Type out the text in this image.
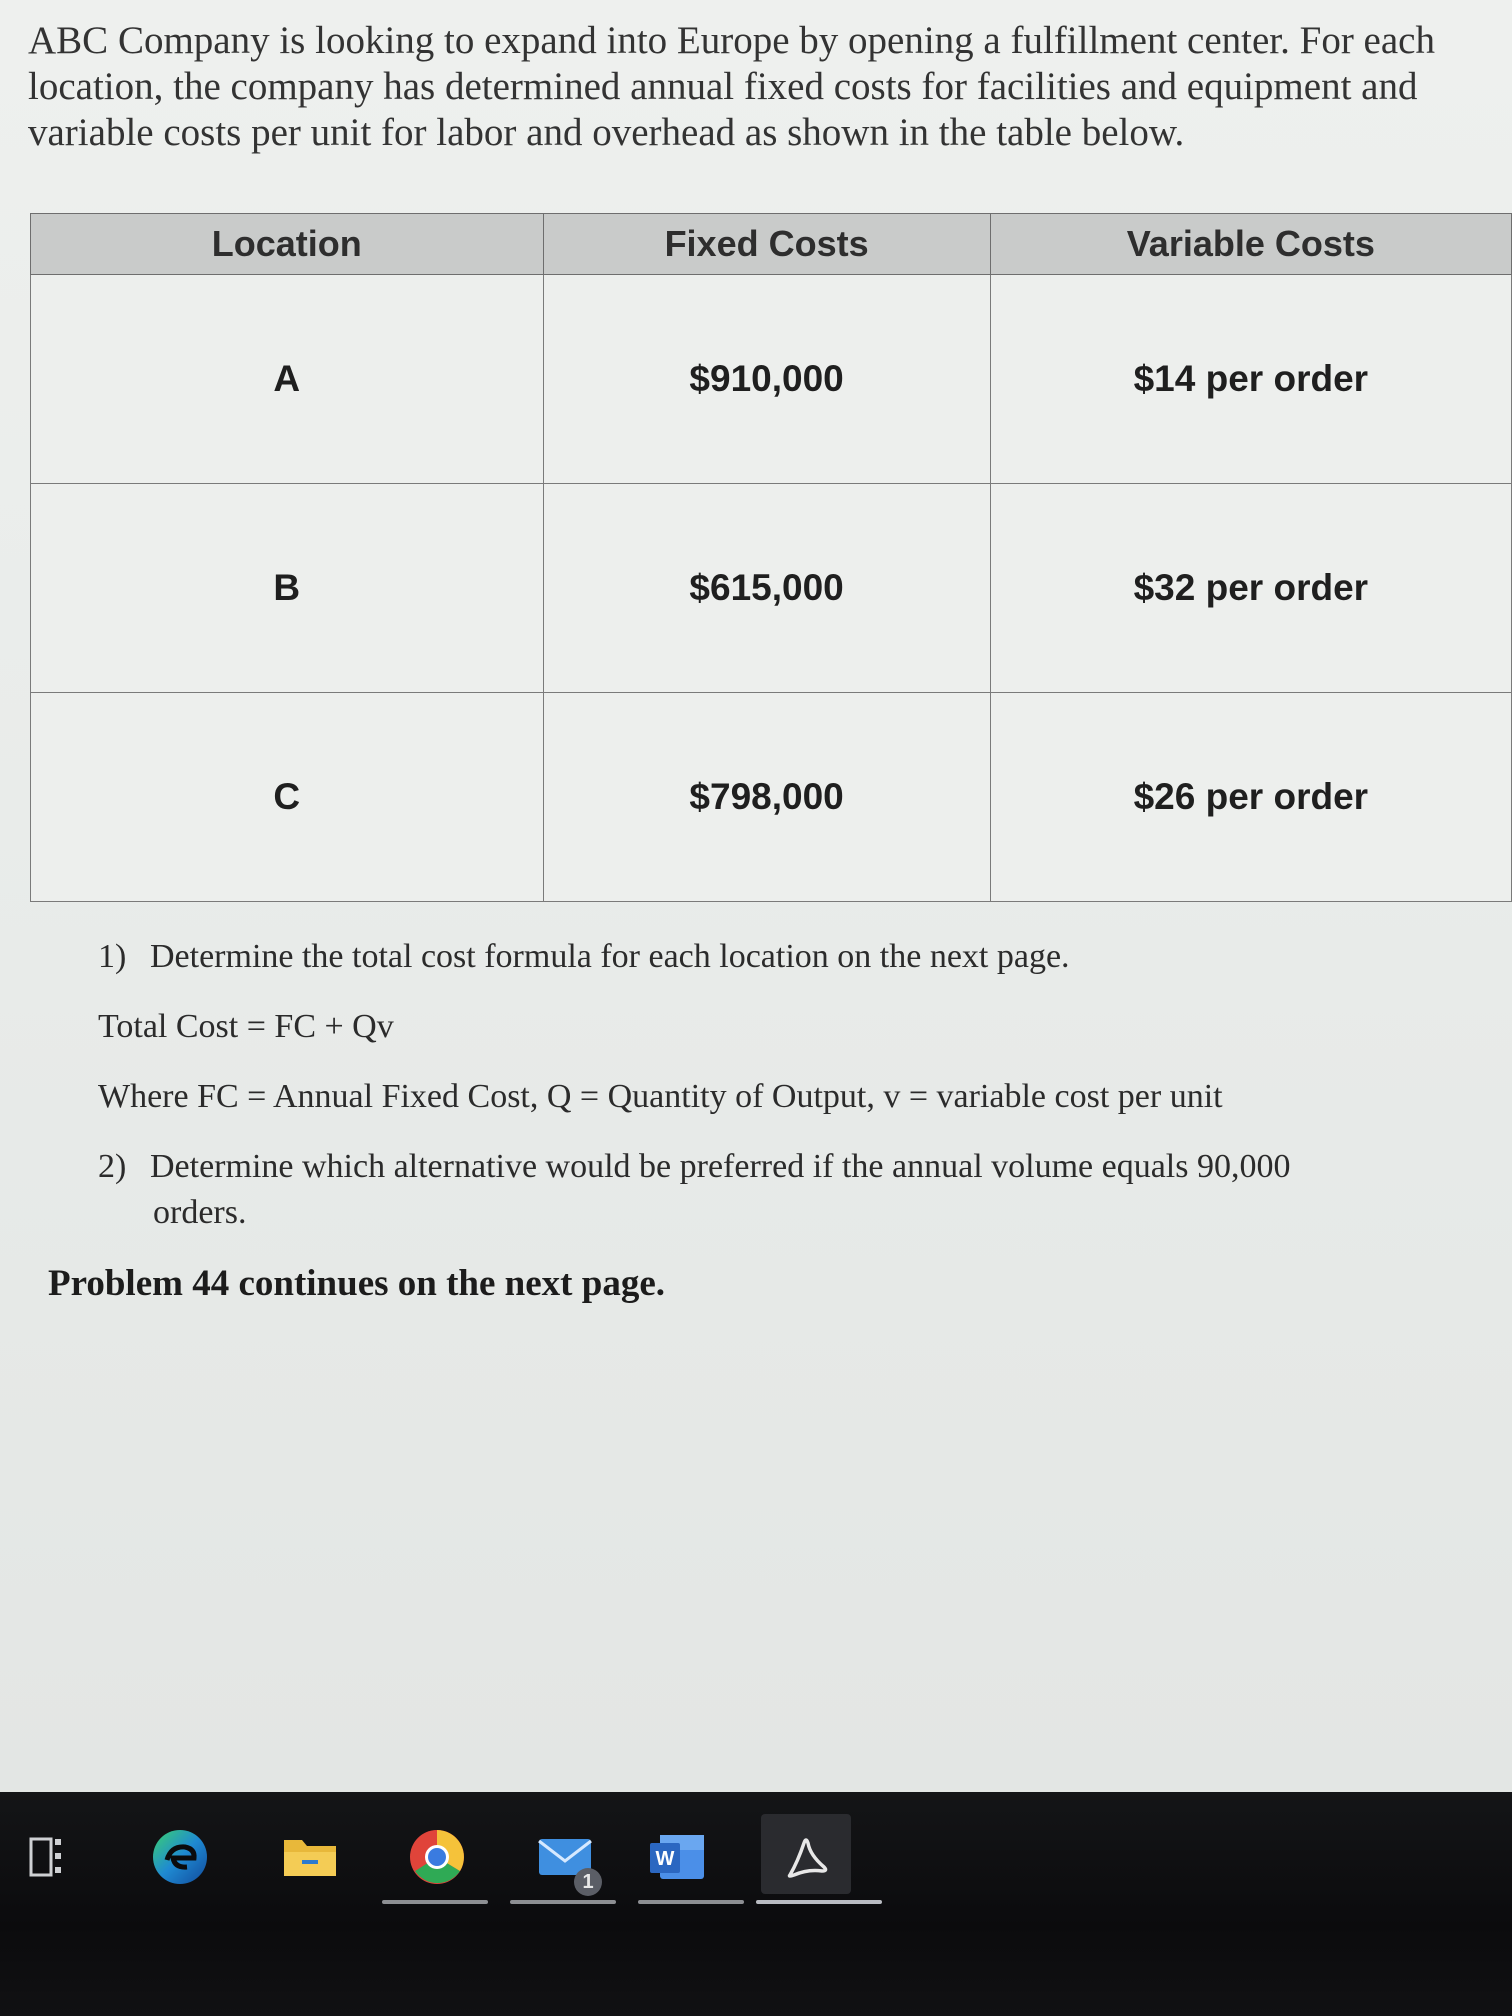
ABC Company is looking to expand into Europe by opening a fulfillment center. For each location, the company has determined annual fixed costs for facilities and equipment and variable costs per unit for labor and overhead as shown in the table below.
Location	Fixed Costs	Variable Costs
A	$910,000	$14 per order
B	$615,000	$32 per order
C	$798,000	$26 per order
1) Determine the total cost formula for each location on the next page.
Total Cost = FC + Qv
Where FC = Annual Fixed Cost, Q = Quantity of Output, v = variable cost per unit
2) Determine which alternative would be preferred if the annual volume equals 90,000
orders.
Problem 44 continues on the next page.
1
W
